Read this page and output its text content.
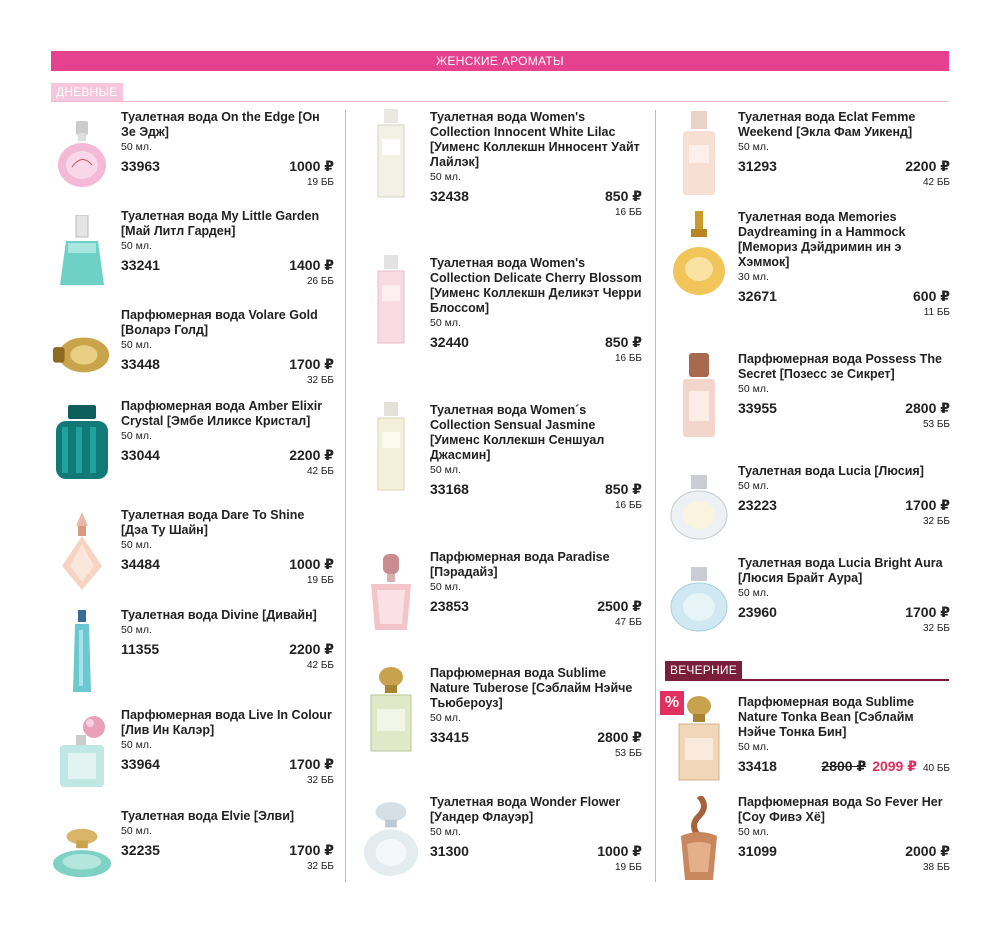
ЖЕНСКИЕ АРОМАТЫ
ДНЕВНЫЕ
Туалетная вода On the Edge [Он Зе Эдж]
50 мл.
33963	1000 ₽
19 ББ
Туалетная вода My Little Garden [Май Литл Гарден]
50 мл.
33241	1400 ₽
26 ББ
Парфюмерная вода Volare Gold [Воларэ Голд]
50 мл.
33448	1700 ₽
32 ББ
Парфюмерная вода Amber Elixir Crystal [Эмбе Иликсе Кристал]
50 мл.
33044	2200 ₽
42 ББ
Туалетная вода Dare To Shine [Дэа Ту Шайн]
50 мл.
34484	1000 ₽
19 ББ
Туалетная вода Divine [Дивайн]
50 мл.
11355	2200 ₽
42 ББ
Парфюмерная вода Live In Colour [Лив Ин Калэр]
50 мл.
33964	1700 ₽
32 ББ
Туалетная вода Elvie [Элви]
50 мл.
32235	1700 ₽
32 ББ
Туалетная вода Women's Collection Innocent White Lilac [Уименс Коллекшн Инносент Уайт Лайлэк]
50 мл.
32438	850 ₽
16 ББ
Туалетная вода Women's Collection Delicate Cherry Blossom [Уименс Коллекшн Деликэт Черри Блоссом]
50 мл.
32440	850 ₽
16 ББ
Туалетная вода Women´s Collection Sensual Jasmine [Уименс Коллекшн Сеншуал Джасмин]
50 мл.
33168	850 ₽
16 ББ
Парфюмерная вода Paradise [Пэрадайз]
50 мл.
23853	2500 ₽
47 ББ
Парфюмерная вода Sublime Nature Tuberose [Сэблайм Нэйче Тьюбероуз]
50 мл.
33415	2800 ₽
53 ББ
Туалетная вода Wonder Flower [Уандер Флауэр]
50 мл.
31300	1000 ₽
19 ББ
Туалетная вода Eclat Femme Weekend [Экла Фам Уикенд]
50 мл.
31293	2200 ₽
42 ББ
Туалетная вода Memories Daydreaming in a Hammock [Мемориз Дэйдримин ин э Хэммок]
30 мл.
32671	600 ₽
11 ББ
Парфюмерная вода Possess The Secret [Позесс зе Сикрет]
50 мл.
33955	2800 ₽
53 ББ
Туалетная вода Lucia [Люсия]
50 мл.
23223	1700 ₽
32 ББ
Туалетная вода Lucia Bright Aura [Люсия Брайт Аура]
50 мл.
23960	1700 ₽
32 ББ
Парфюмерная вода Sublime Nature Tonka Bean [Сэблайм Нэйче Тонка Бин]
50 мл.
33418	2800 ₽ 2099 ₽ 40 ББ
Парфюмерная вода So Fever Her [Соу Фивэ Хё]
50 мл.
31099	2000 ₽
38 ББ
ВЕЧЕРНИЕ
%
